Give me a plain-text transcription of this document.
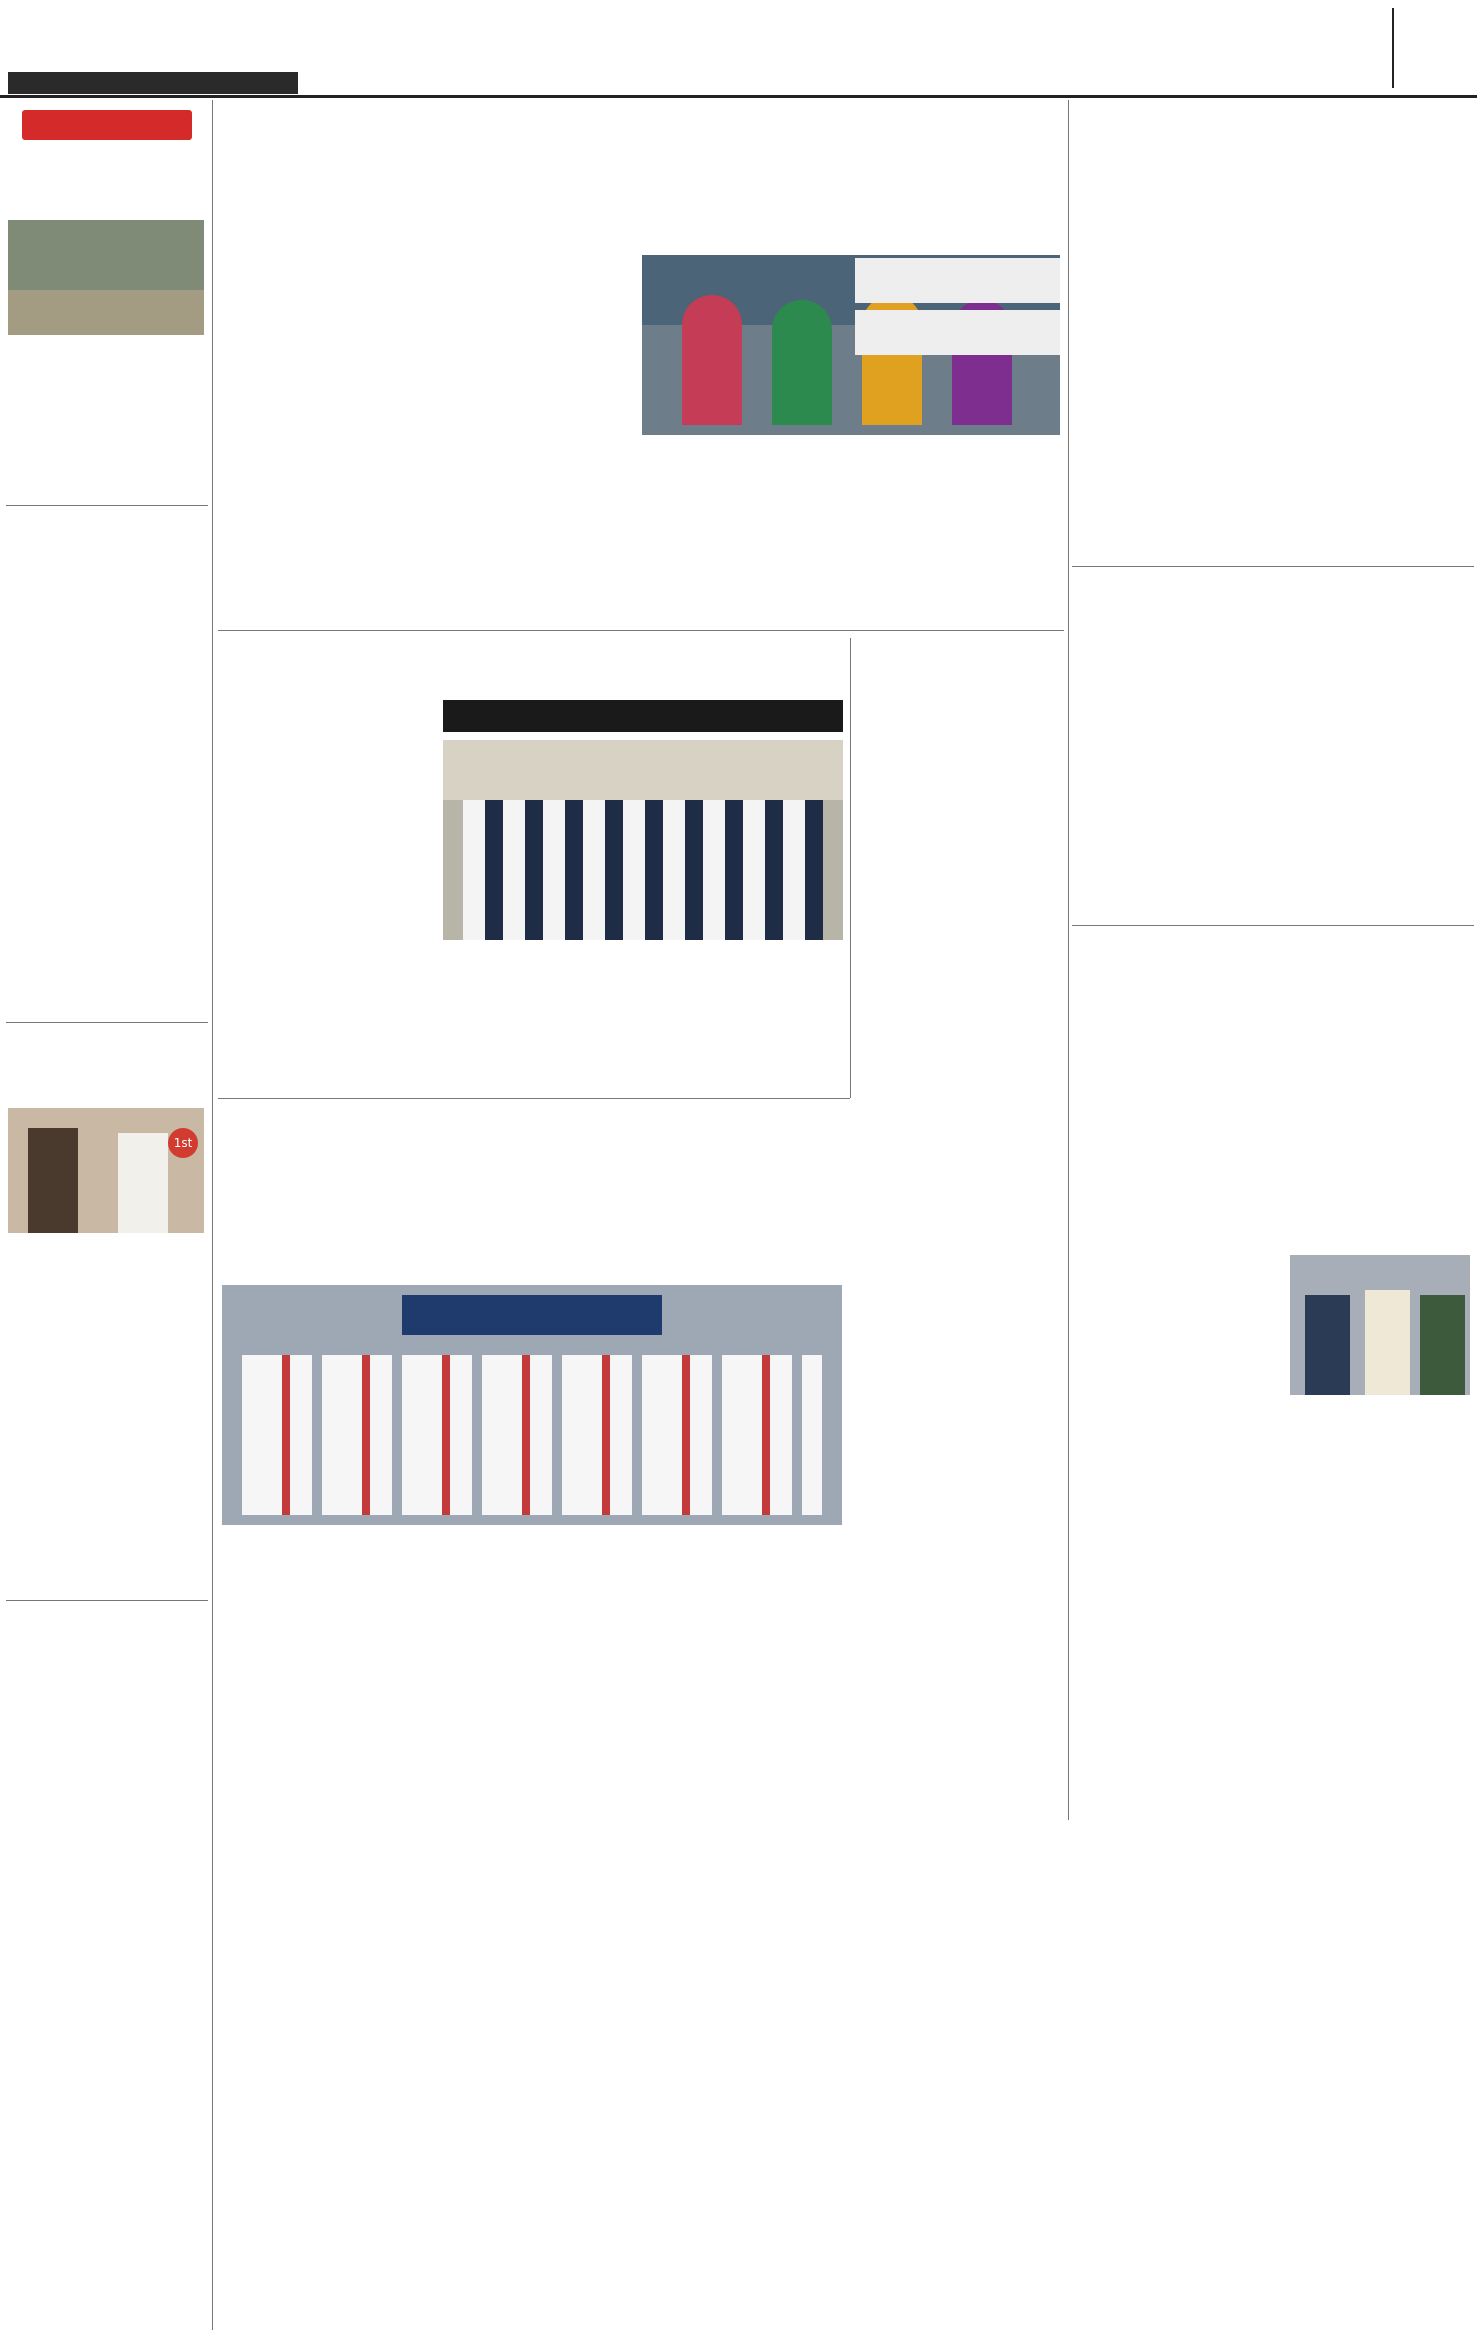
1st
